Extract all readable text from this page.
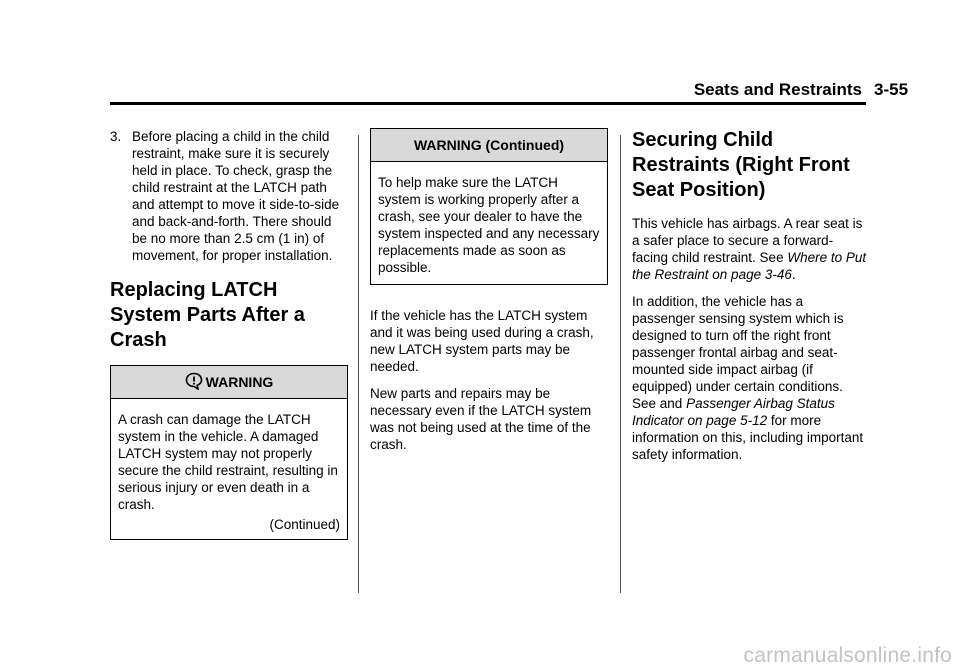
Seats and Restraints 3-55
3. Before placing a child in the child restraint, make sure it is securely held in place. To check, grasp the child restraint at the LATCH path and attempt to move it side-to-side and back-and-forth. There should be no more than 2.5 cm (1 in) of movement, for proper installation.

Replacing LATCH System Parts After a Crash
WARNING

A crash can damage the LATCH system in the vehicle. A damaged LATCH system may not properly secure the child restraint, resulting in serious injury or even death in a crash.

(Continued)

WARNING (Continued)

To help make sure the LATCH system is working properly after a crash, see your dealer to have the system inspected and any necessary replacements made as soon as possible.

If the vehicle has the LATCH system and it was being used during a crash, new LATCH system parts may be needed.

New parts and repairs may be necessary even if the LATCH system was not being used at the time of the crash.

Securing Child Restraints (Right Front Seat Position)

This vehicle has airbags. A rear seat is a safer place to secure a forward-facing child restraint. See Where to Put the Restraint on page 3-46.

In addition, the vehicle has a passenger sensing system which is designed to turn off the right front passenger frontal airbag and seat-mounted side impact airbag (if equipped) under certain conditions. See and Passenger Airbag Status Indicator on page 5-12 for more information on this, including important safety information.

carmanualsonline.info
